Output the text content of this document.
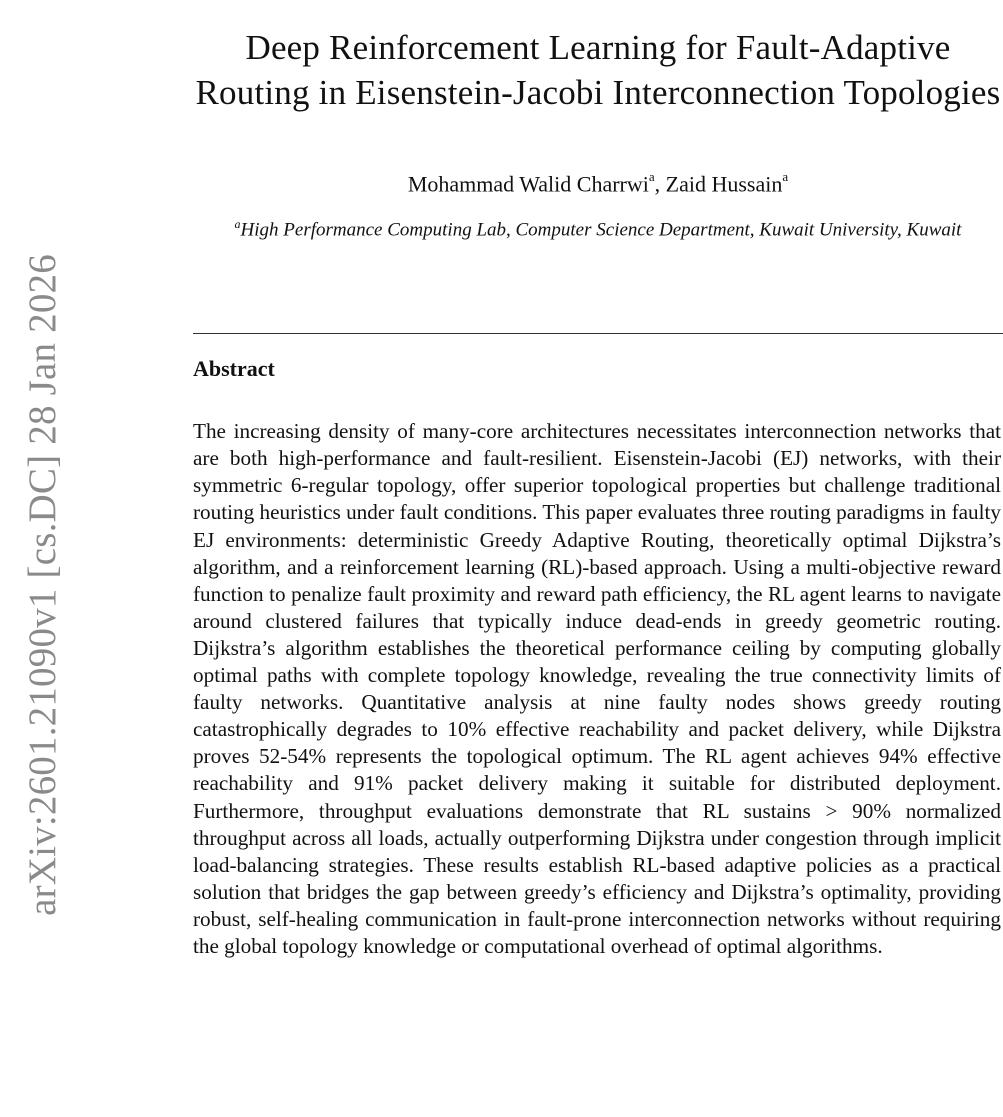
arXiv:2601.21090v1 [cs.DC] 28 Jan 2026
Deep Reinforcement Learning for Fault-Adaptive Routing in Eisenstein-Jacobi Interconnection Topologies
Mohammad Walid Charrwi$^a$, Zaid Hussain$^a$
$^a$High Performance Computing Lab, Computer Science Department, Kuwait University, Kuwait
Abstract

The increasing density of many-core architectures necessitates interconnection networks that are both high-performance and fault-resilient. Eisenstein-Jacobi (EJ) networks, with their symmetric 6-regular topology, offer superior topological properties but challenge traditional routing heuristics under fault conditions. This paper evaluates three routing paradigms in faulty EJ environments: deterministic Greedy Adaptive Routing, theoretically optimal Dijkstra’s algorithm, and a reinforcement learning (RL)-based approach. Using a multi-objective reward function to penalize fault proximity and reward path efficiency, the RL agent learns to navigate around clustered failures that typically induce dead-ends in greedy geometric routing. Dijkstra’s algorithm establishes the theoretical performance ceiling by computing globally optimal paths with complete topology knowledge, revealing the true connectivity limits of faulty networks. Quantitative analysis at nine faulty nodes shows greedy routing catastrophically degrades to 10% effective reachability and packet delivery, while Dijkstra proves 52-54% represents the topological optimum. The RL agent achieves 94% effective reachability and 91% packet delivery making it suitable for distributed deployment. Furthermore, throughput evaluations demonstrate that RL sustains > 90% normalized throughput across all loads, actually outperforming Dijkstra under congestion through implicit load-balancing strategies. These results establish RL-based adaptive policies as a practical solution that bridges the gap between greedy’s efficiency and Dijkstra’s optimality, providing robust, self-healing communication in fault-prone interconnection networks without requiring the global topology knowledge or computational overhead of optimal algorithms.
